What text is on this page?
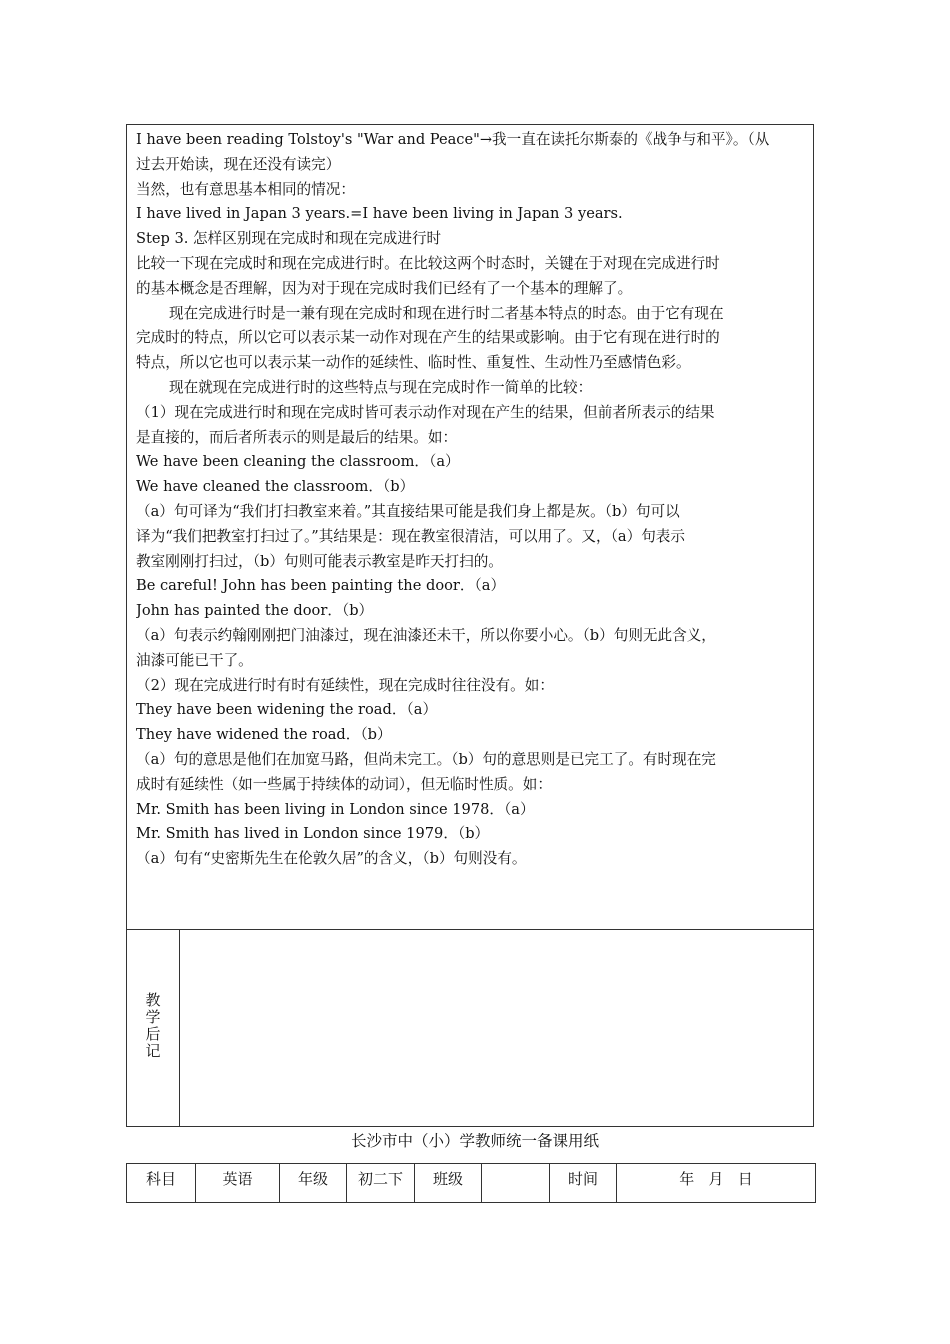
I have been reading Tolstoy's "War and Peace"→我一直在读托尔斯泰的《战争与和平》。（从
过去开始读，现在还没有读完）
当然，也有意思基本相同的情况：
I have lived in Japan 3 years.=I have been living in Japan 3 years.
Step 3. 怎样区别现在完成时和现在完成进行时
比较一下现在完成时和现在完成进行时。在比较这两个时态时，关键在于对现在完成进行时
的基本概念是否理解，因为对于现在完成时我们已经有了一个基本的理解了。
现在完成进行时是一兼有现在完成时和现在进行时二者基本特点的时态。由于它有现在
完成时的特点，所以它可以表示某一动作对现在产生的结果或影响。由于它有现在进行时的
特点，所以它也可以表示某一动作的延续性、临时性、重复性、生动性乃至感情色彩。
现在就现在完成进行时的这些特点与现在完成时作一简单的比较：
（1）现在完成进行时和现在完成时皆可表示动作对现在产生的结果，但前者所表示的结果
是直接的，而后者所表示的则是最后的结果。如：
We have been cleaning the classroom．（a）
We have cleaned the classroom．（b）
（a）句可译为“我们打扫教室来着。”其直接结果可能是我们身上都是灰。（b）句可以
译为“我们把教室打扫过了。”其结果是：现在教室很清洁，可以用了。又，（a）句表示
教室刚刚打扫过，（b）句则可能表示教室是昨天打扫的。
Be careful! John has been painting the door．（a）
John has painted the door．（b）
（a）句表示约翰刚刚把门油漆过，现在油漆还未干，所以你要小心。（b）句则无此含义，
油漆可能已干了。
（2）现在完成进行时有时有延续性，现在完成时往往没有。如：
They have been widening the road．（a）
They have widened the road．（b）
（a）句的意思是他们在加宽马路，但尚未完工。（b）句的意思则是已完工了。有时现在完
成时有延续性（如一些属于持续体的动词），但无临时性质。如：
Mr. Smith has been living in London since 1978．（a）
Mr. Smith has lived in London since 1979．（b）
（a）句有“史密斯先生在伦敦久居”的含义，（b）句则没有。
教
学
后
记
长沙市中（小）学教师统一备课用纸
科目	英语	年级	初二下	班级		时间	年   月   日
